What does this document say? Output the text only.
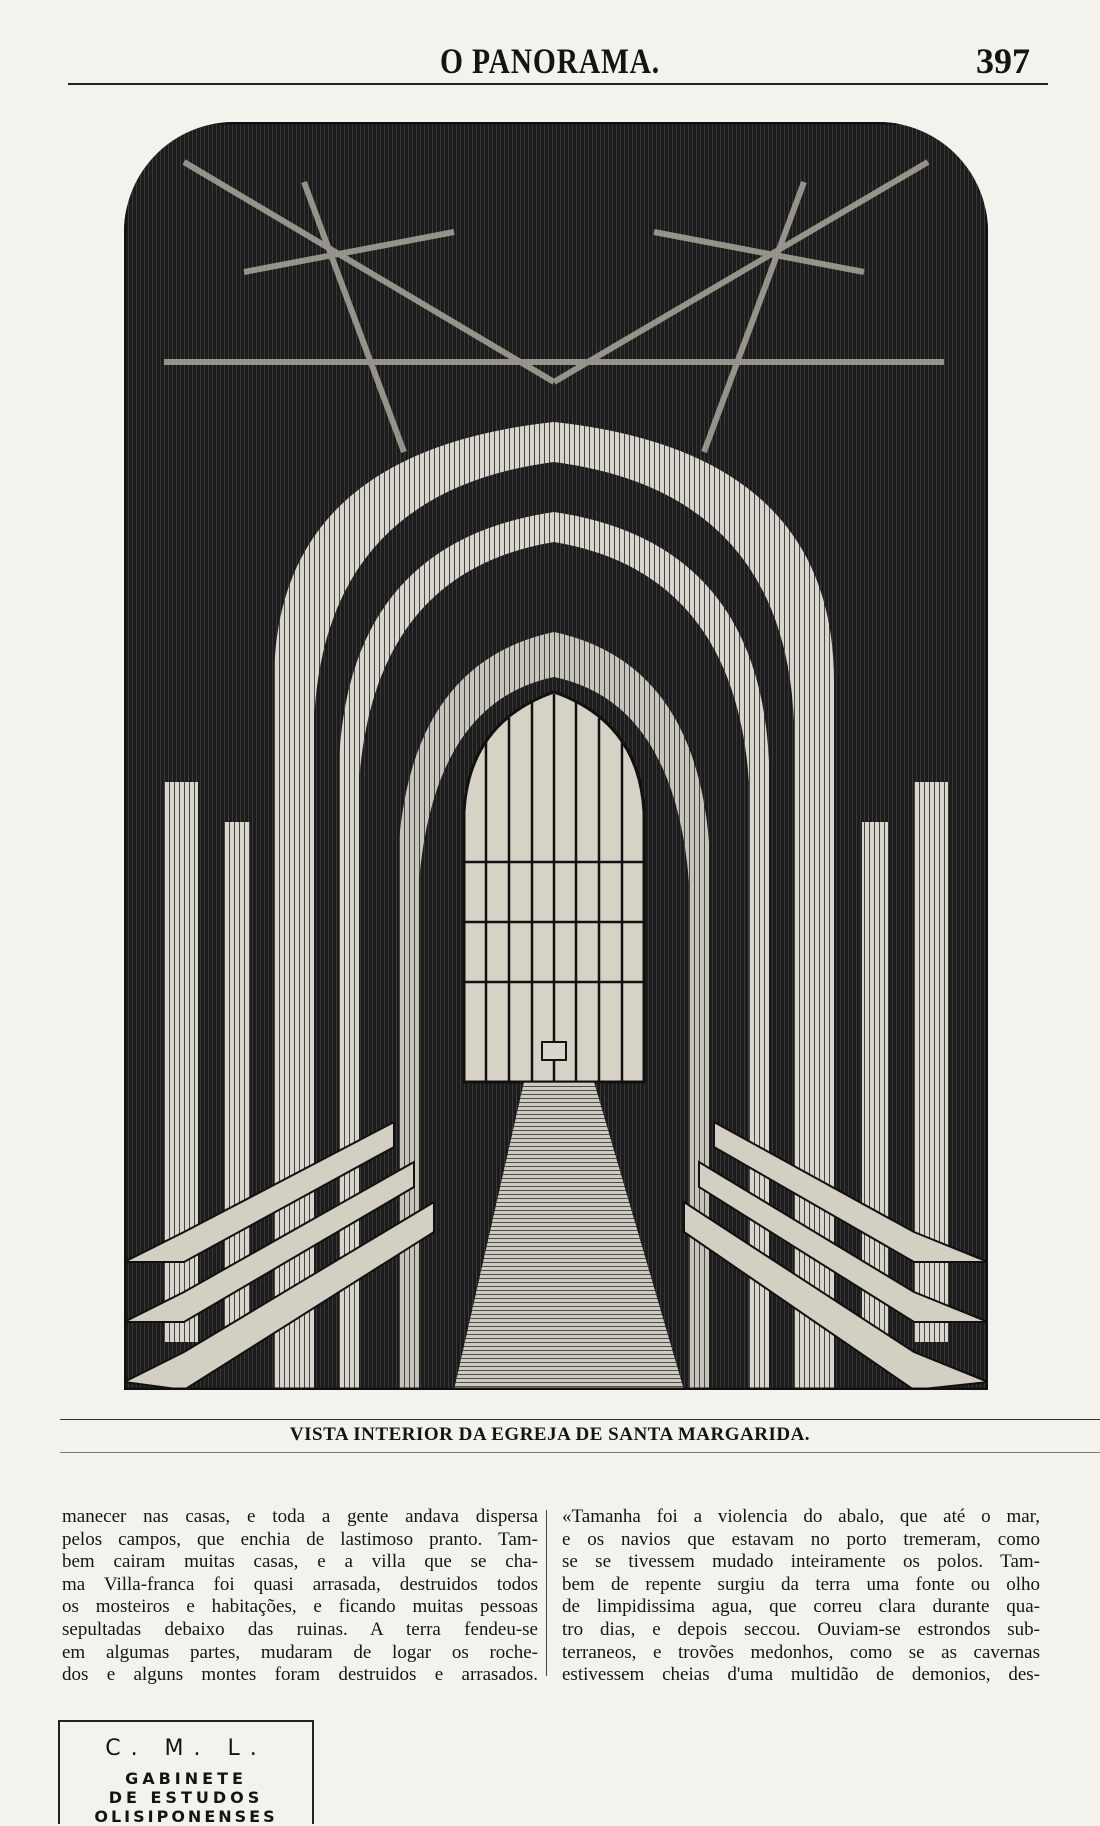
O PANORAMA.	397
VISTA INTERIOR DA EGREJA DE SANTA MARGARIDA.
manecer nas casas, e toda a gente andava dispersa
pelos campos, que enchia de lastimoso pranto. Tam-
bem cairam muitas casas, e a villa que se cha-
ma Villa-franca foi quasi arrasada, destruidos todos
os mosteiros e habitações, e ficando muitas pessoas
sepultadas debaixo das ruinas. A terra fendeu-se
em algumas partes, mudaram de logar os roche-
dos e alguns montes foram destruidos e arrasados.
«Tamanha foi a violencia do abalo, que até o mar,
e os navios que estavam no porto tremeram, como
se se tivessem mudado inteiramente os polos. Tam-
bem de repente surgiu da terra uma fonte ou olho
de limpidissima agua, que correu clara durante qua-
tro dias, e depois seccou. Ouviam-se estrondos sub-
terraneos, e trovões medonhos, como se as cavernas
estivessem cheias d'uma multidão de demonios, des-
C. M. L.
GABINETE
DE ESTUDOS
OLISIPONENSES
